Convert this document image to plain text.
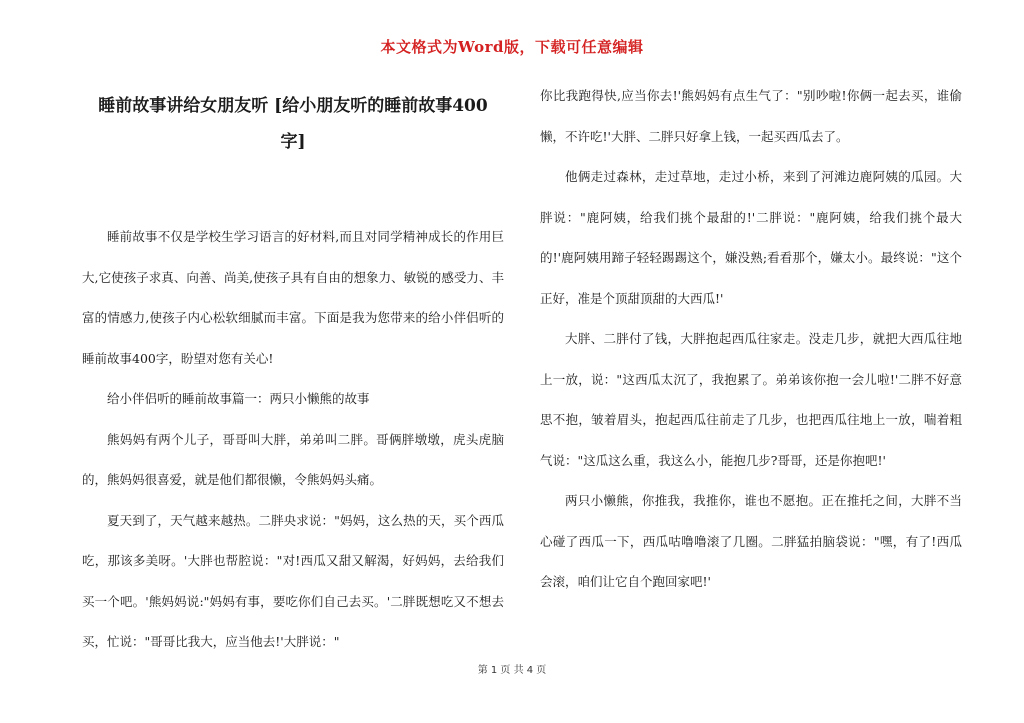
本文格式为Word版，下载可任意编辑
睡前故事讲给女朋友听 [给小朋友听的睡前故事400字]

睡前故事不仅是学校生学习语言的好材料,而且对同学精神成长的作用巨大,它使孩子求真、向善、尚美,使孩子具有自由的想象力、敏锐的感受力、丰富的情感力,使孩子内心松软细腻而丰富。下面是我为您带来的给小伴侣听的睡前故事400字，盼望对您有关心!

给小伴侣听的睡前故事篇一：两只小懒熊的故事

熊妈妈有两个儿子，哥哥叫大胖，弟弟叫二胖。哥俩胖墩墩，虎头虎脑的，熊妈妈很喜爱，就是他们都很懒，令熊妈妈头痛。

夏天到了，天气越来越热。二胖央求说："妈妈，这么热的天，买个西瓜吃，那该多美呀。'大胖也帮腔说："对!西瓜又甜又解渴，好妈妈，去给我们买一个吧。'熊妈妈说:"妈妈有事，要吃你们自己去买。'二胖既想吃又不想去买，忙说："哥哥比我大，应当他去!'大胖说："

你比我跑得快,应当你去!'熊妈妈有点生气了："别吵啦!你俩一起去买，谁偷懒，不许吃!'大胖、二胖只好拿上钱，一起买西瓜去了。

他俩走过森林，走过草地，走过小桥，来到了河滩边鹿阿姨的瓜园。大胖说："鹿阿姨，给我们挑个最甜的!'二胖说："鹿阿姨，给我们挑个最大的!'鹿阿姨用蹄子轻轻踢踢这个，嫌没熟;看看那个，嫌太小。最终说："这个正好，准是个顶甜顶甜的大西瓜!'

大胖、二胖付了钱，大胖抱起西瓜往家走。没走几步，就把大西瓜往地上一放，说："这西瓜太沉了，我抱累了。弟弟该你抱一会儿啦!'二胖不好意思不抱，皱着眉头，抱起西瓜往前走了几步，也把西瓜往地上一放，喘着粗气说："这瓜这么重，我这么小，能抱几步?哥哥，还是你抱吧!'

两只小懒熊，你推我，我推你，谁也不愿抱。正在推托之间，大胖不当心碰了西瓜一下，西瓜咕噜噜滚了几圈。二胖猛拍脑袋说："嘿，有了!西瓜会滚，咱们让它自个跑回家吧!'

第 1 页 共 4 页
